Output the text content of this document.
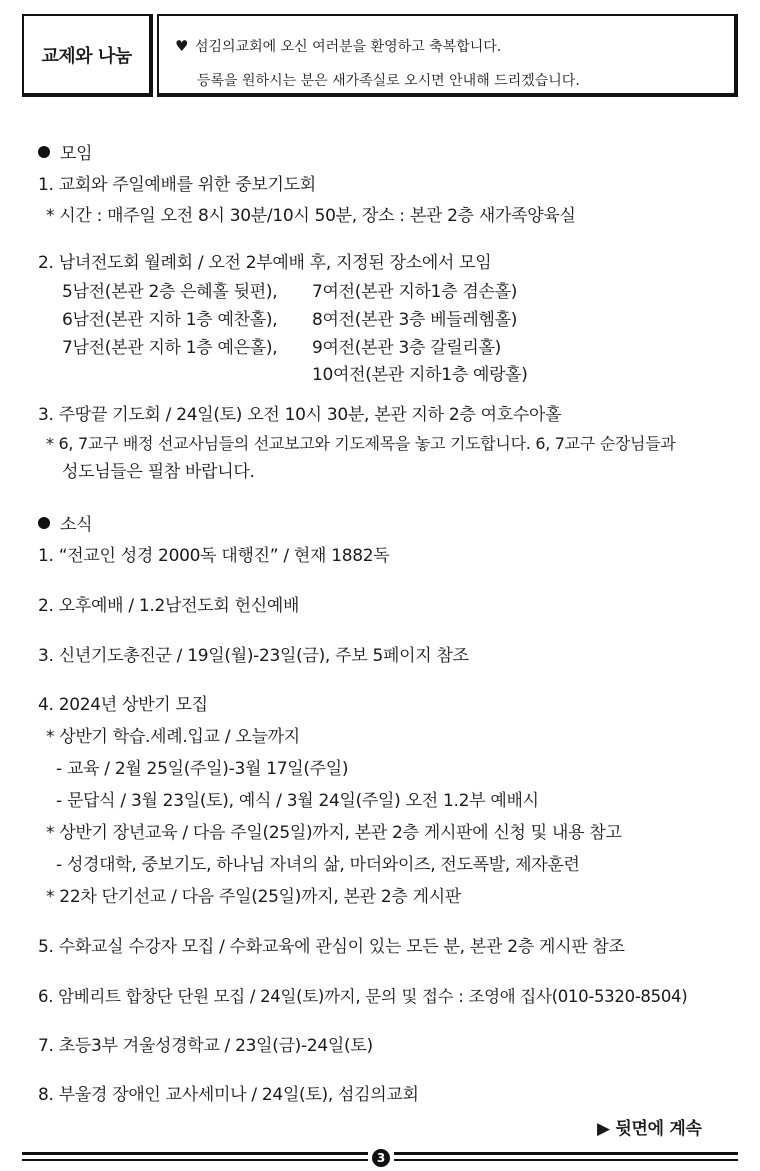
교제와 나눔	♥ 섬김의교회에 오신 여러분을 환영하고 축복합니다.
등록을 원하시는 분은 새가족실로 오시면 안내해 드리겠습니다.
모임
1. 교회와 주일예배를 위한 중보기도회
* 시간 : 매주일 오전 8시 30분/10시 50분, 장소 : 본관 2층 새가족양육실
2. 남녀전도회 월례회 / 오전 2부예배 후, 지정된 장소에서 모임
5남전(본관 2층 은혜홀 뒷편), 7여전(본관 지하1층 겸손홀)
6남전(본관 지하 1층 예찬홀), 8여전(본관 3층 베들레헴홀)
7남전(본관 지하 1층 예은홀), 9여전(본관 3층 갈릴리홀)
10여전(본관 지하1층 예랑홀)
3. 주땅끝 기도회 / 24일(토) 오전 10시 30분, 본관 지하 2층 여호수아홀
* 6, 7교구 배정 선교사님들의 선교보고와 기도제목을 놓고 기도합니다. 6, 7교구 순장님들과
성도님들은 필참 바랍니다.
소식
1. “전교인 성경 2000독 대행진” / 현재 1882독
2. 오후예배 / 1.2남전도회 헌신예배
3. 신년기도총진군 / 19일(월)-23일(금), 주보 5페이지 참조
4. 2024년 상반기 모집
* 상반기 학습.세례.입교 / 오늘까지
- 교육 / 2월 25일(주일)-3월 17일(주일)
- 문답식 / 3월 23일(토), 예식 / 3월 24일(주일) 오전 1.2부 예배시
* 상반기 장년교육 / 다음 주일(25일)까지, 본관 2층 게시판에 신청 및 내용 참고
- 성경대학, 중보기도, 하나님 자녀의 삶, 마더와이즈, 전도폭발, 제자훈련
* 22차 단기선교 / 다음 주일(25일)까지, 본관 2층 게시판
5. 수화교실 수강자 모집 / 수화교육에 관심이 있는 모든 분, 본관 2층 게시판 참조
6. 암베리트 합창단 단원 모집 / 24일(토)까지, 문의 및 접수 : 조영애 집사(010-5320-8504)
7. 초등3부 겨울성경학교 / 23일(금)-24일(토)
8. 부울경 장애인 교사세미나 / 24일(토), 섬김의교회
▶ 뒷면에 계속
3
